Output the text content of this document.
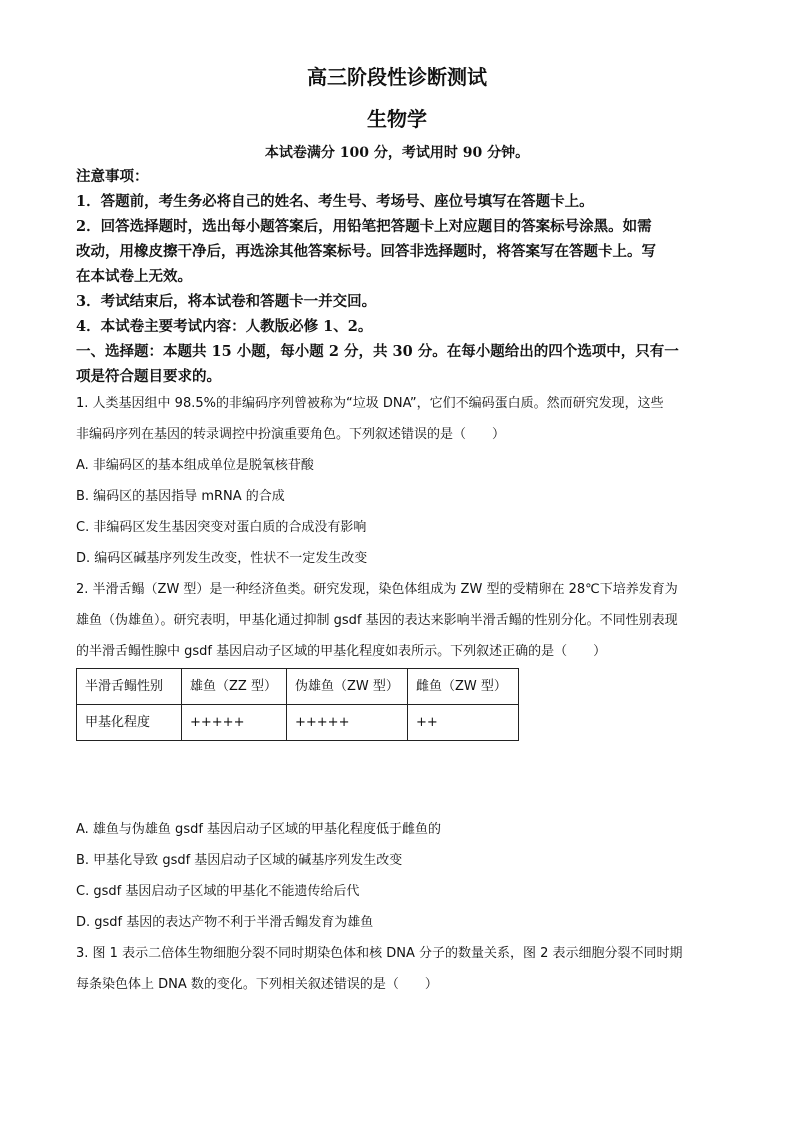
高三阶段性诊断测试
生物学
本试卷满分 100 分，考试用时 90 分钟。
注意事项：
1．答题前，考生务必将自己的姓名、考生号、考场号、座位号填写在答题卡上。
2．回答选择题时，选出每小题答案后，用铅笔把答题卡上对应题目的答案标号涂黑。如需
改动，用橡皮擦干净后，再选涂其他答案标号。回答非选择题时，将答案写在答题卡上。写
在本试卷上无效。
3．考试结束后，将本试卷和答题卡一并交回。
4．本试卷主要考试内容：人教版必修 1、2。
一、选择题：本题共 15 小题，每小题 2 分，共 30 分。在每小题给出的四个选项中，只有一
项是符合题目要求的。
1. 人类基因组中 98.5%的非编码序列曾被称为“垃圾 DNA”，它们不编码蛋白质。然而研究发现，这些
非编码序列在基因的转录调控中扮演重要角色。下列叙述错误的是（　　）
A. 非编码区的基本组成单位是脱氧核苷酸
B. 编码区的基因指导 mRNA 的合成
C. 非编码区发生基因突变对蛋白质的合成没有影响
D. 编码区碱基序列发生改变，性状不一定发生改变
2. 半滑舌鳎（ZW 型）是一种经济鱼类。研究发现，染色体组成为 ZW 型的受精卵在 28℃下培养发育为
雄鱼（伪雄鱼）。研究表明，甲基化通过抑制 gsdf 基因的表达来影响半滑舌鳎的性别分化。不同性别表现
的半滑舌鳎性腺中 gsdf 基因启动子区域的甲基化程度如表所示。下列叙述正确的是（　　）
半滑舌鳎性别	雄鱼（ZZ 型）	伪雄鱼（ZW 型）	雌鱼（ZW 型）
甲基化程度	+++++	+++++	++
A. 雄鱼与伪雄鱼 gsdf 基因启动子区域的甲基化程度低于雌鱼的
B. 甲基化导致 gsdf 基因启动子区域的碱基序列发生改变
C. gsdf 基因启动子区域的甲基化不能遗传给后代
D. gsdf 基因的表达产物不利于半滑舌鳎发育为雄鱼
3. 图 1 表示二倍体生物细胞分裂不同时期染色体和核 DNA 分子的数量关系，图 2 表示细胞分裂不同时期
每条染色体上 DNA 数的变化。下列相关叙述错误的是（　　）
